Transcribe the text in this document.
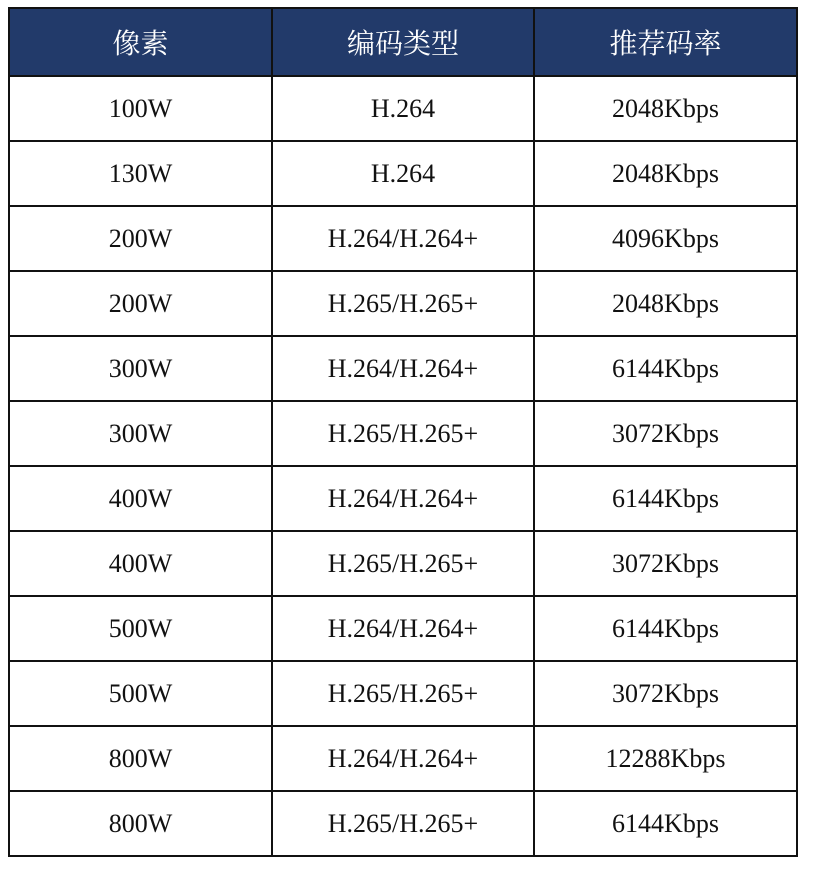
像素	编码类型	推荐码率
100W	H.264	2048Kbps
130W	H.264	2048Kbps
200W	H.264/H.264+	4096Kbps
200W	H.265/H.265+	2048Kbps
300W	H.264/H.264+	6144Kbps
300W	H.265/H.265+	3072Kbps
400W	H.264/H.264+	6144Kbps
400W	H.265/H.265+	3072Kbps
500W	H.264/H.264+	6144Kbps
500W	H.265/H.265+	3072Kbps
800W	H.264/H.264+	12288Kbps
800W	H.265/H.265+	6144Kbps
